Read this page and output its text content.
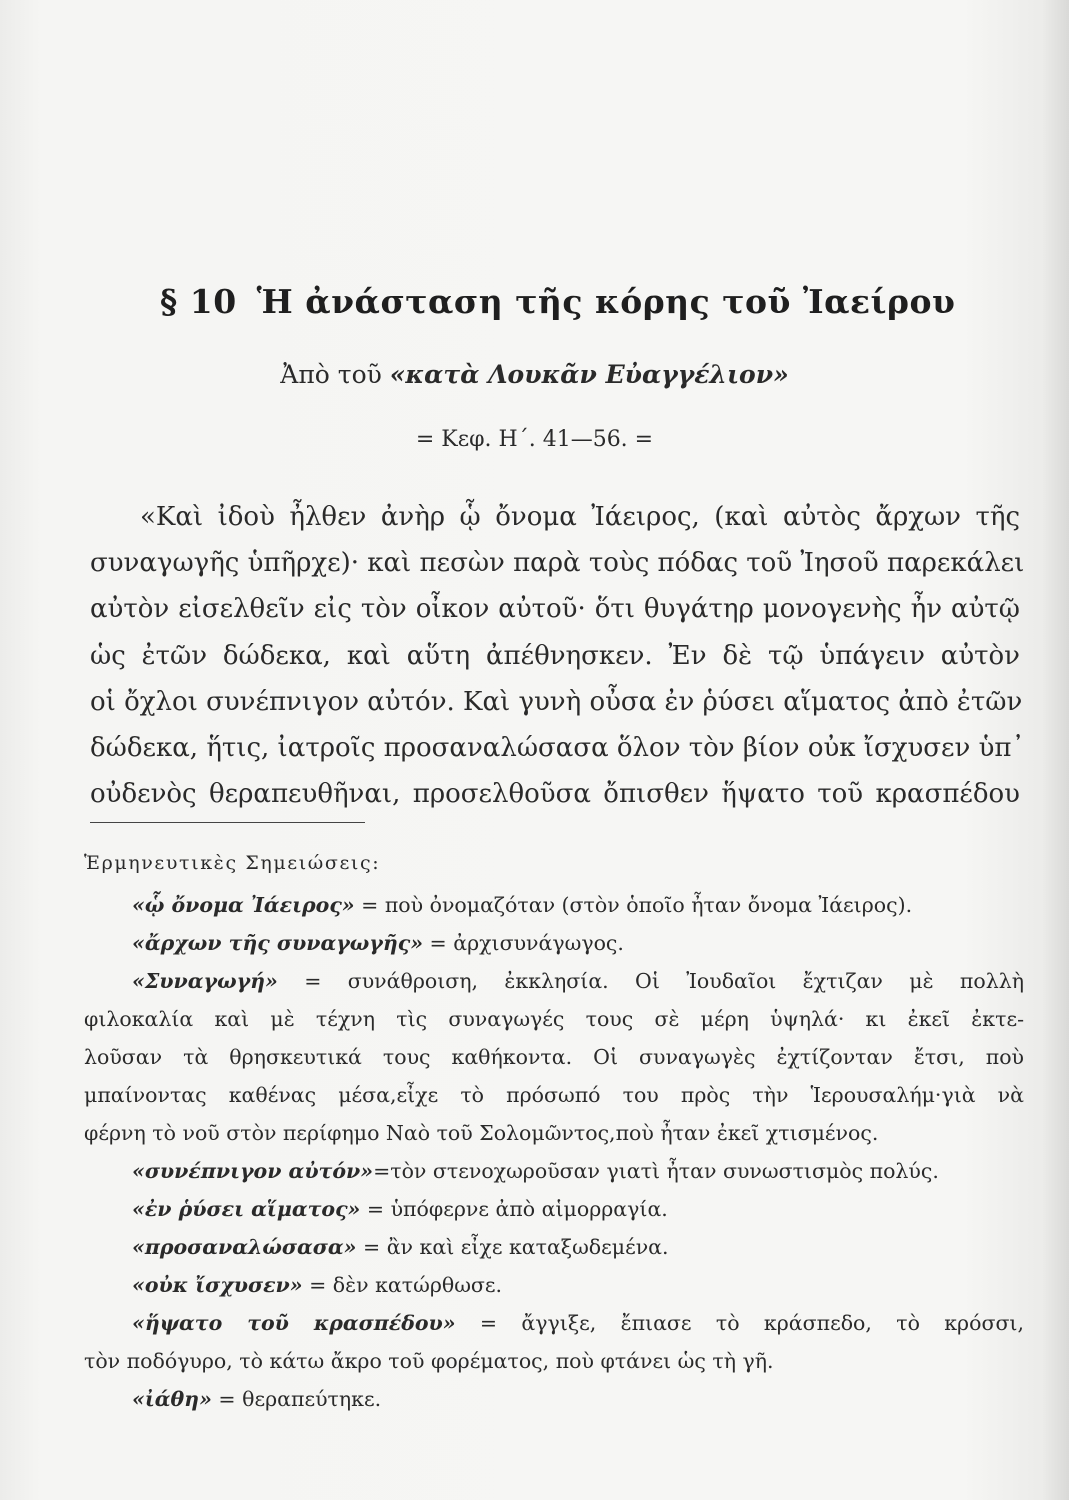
§ 10 Ἡ ἀνάσταση τῆς κόρης τοῦ Ἰαείρου
Ἀπὸ τοῦ «κατὰ Λουκᾶν Εὐαγγέλιον»
= Κεφ. Η΄. 41—56. =
«Καὶ ἰδοὺ ἦλθεν ἀνὴρ ᾧ ὄνομα Ἰάειρος, (καὶ αὐτὸς ἄρχων τῆς
συναγωγῆς ὑπῆρχε)· καὶ πεσὼν παρὰ τοὺς πόδας τοῦ Ἰησοῦ παρεκάλει
αὐτὸν εἰσελθεῖν εἰς τὸν οἶκον αὐτοῦ· ὅτι θυγάτηρ μονογενὴς ἦν αὐτῷ
ὡς ἐτῶν δώδεκα, καὶ αὕτη ἀπέθνησκεν. Ἐν δὲ τῷ ὑπάγειν αὐτὸν
οἱ ὄχλοι συνέπνιγον αὐτόν. Καὶ γυνὴ οὖσα ἐν ῥύσει αἵματος ἀπὸ ἐτῶν
δώδεκα, ἥτις, ἰατροῖς προσαναλώσασα ὅλον τὸν βίον οὐκ ἴσχυσεν ὑπ᾿
οὐδενὸς θεραπευθῆναι, προσελθοῦσα ὄπισθεν ἥψατο τοῦ κρασπέδου
Ἑρμηνευτικὲς Σημειώσεις:
«ᾧ ὄνομα Ἰάειρος» = ποὺ ὀνομαζόταν (στὸν ὁποῖο ἦταν ὄνομα Ἰάειρος).
«ἄρχων τῆς συναγωγῆς» = ἀρχισυνάγωγος.
«Συναγωγή» = συνάθροιση, ἐκκλησία. Οἱ Ἰουδαῖοι ἔχτιζαν μὲ πολλὴ
φιλοκαλία καὶ μὲ τέχνη τὶς συναγωγές τους σὲ μέρη ὑψηλά· κι ἐκεῖ ἐκτε-
λοῦσαν τὰ θρησκευτικά τους καθήκοντα. Οἱ συναγωγὲς ἐχτίζονταν ἔτσι, ποὺ
μπαίνοντας καθένας μέσα,εἶχε τὸ πρόσωπό του πρὸς τὴν Ἱερουσαλήμ·γιὰ νὰ
φέρνη τὸ νοῦ στὸν περίφημο Ναὸ τοῦ Σολομῶντος,ποὺ ἦταν ἐκεῖ χτισμένος.
«συνέπνιγον αὐτόν»=τὸν στενοχωροῦσαν γιατὶ ἦταν συνωστισμὸς πολύς.
«ἐν ῥύσει αἵματος» = ὑπόφερνε ἀπὸ αἱμορραγία.
«προσαναλώσασα» = ἂν καὶ εἶχε καταξωδεμένα.
«οὐκ ἴσχυσεν» = δὲν κατώρθωσε.
«ἥψατο τοῦ κρασπέδου» = ἄγγιξε, ἔπιασε τὸ κράσπεδο, τὸ κρόσσι,
τὸν ποδόγυρο, τὸ κάτω ἄκρο τοῦ φορέματος, ποὺ φτάνει ὡς τὴ γῆ.
«ἰάθη» = θεραπεύτηκε.
